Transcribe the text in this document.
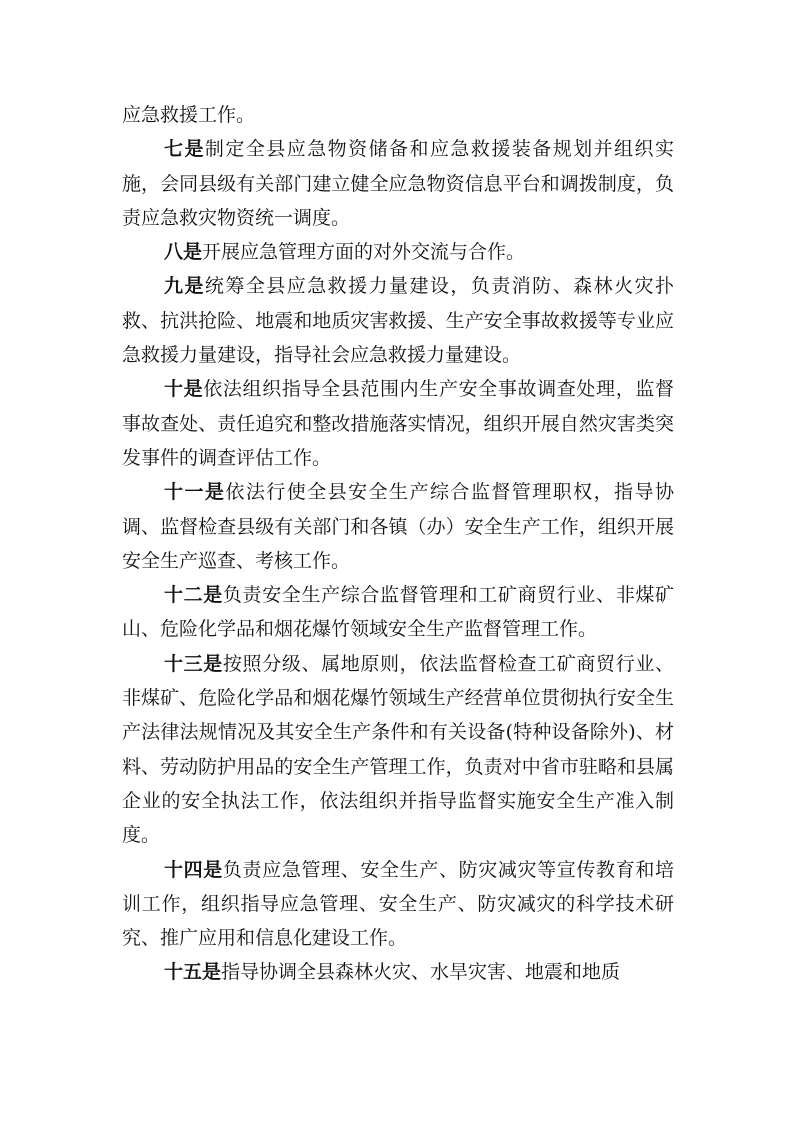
应急救援工作。

七是制定全县应急物资储备和应急救援装备规划并组织实施，会同县级有关部门建立健全应急物资信息平台和调拨制度，负责应急救灾物资统一调度。

八是开展应急管理方面的对外交流与合作。

九是统筹全县应急救援力量建设，负责消防、森林火灾扑救、抗洪抢险、地震和地质灾害救援、生产安全事故救援等专业应急救援力量建设，指导社会应急救援力量建设。

十是依法组织指导全县范围内生产安全事故调查处理，监督事故查处、责任追究和整改措施落实情况，组织开展自然灾害类突发事件的调查评估工作。

十一是依法行使全县安全生产综合监督管理职权，指导协调、监督检查县级有关部门和各镇（办）安全生产工作，组织开展安全生产巡查、考核工作。

十二是负责安全生产综合监督管理和工矿商贸行业、非煤矿山、危险化学品和烟花爆竹领域安全生产监督管理工作。

十三是按照分级、属地原则，依法监督检查工矿商贸行业、非煤矿、危险化学品和烟花爆竹领域生产经营单位贯彻执行安全生产法律法规情况及其安全生产条件和有关设备(特种设备除外)、材料、劳动防护用品的安全生产管理工作，负责对中省市驻略和县属企业的安全执法工作，依法组织并指导监督实施安全生产准入制度。

十四是负责应急管理、安全生产、防灾减灾等宣传教育和培训工作，组织指导应急管理、安全生产、防灾减灾的科学技术研究、推广应用和信息化建设工作。

十五是指导协调全县森林火灾、水旱灾害、地震和地质
